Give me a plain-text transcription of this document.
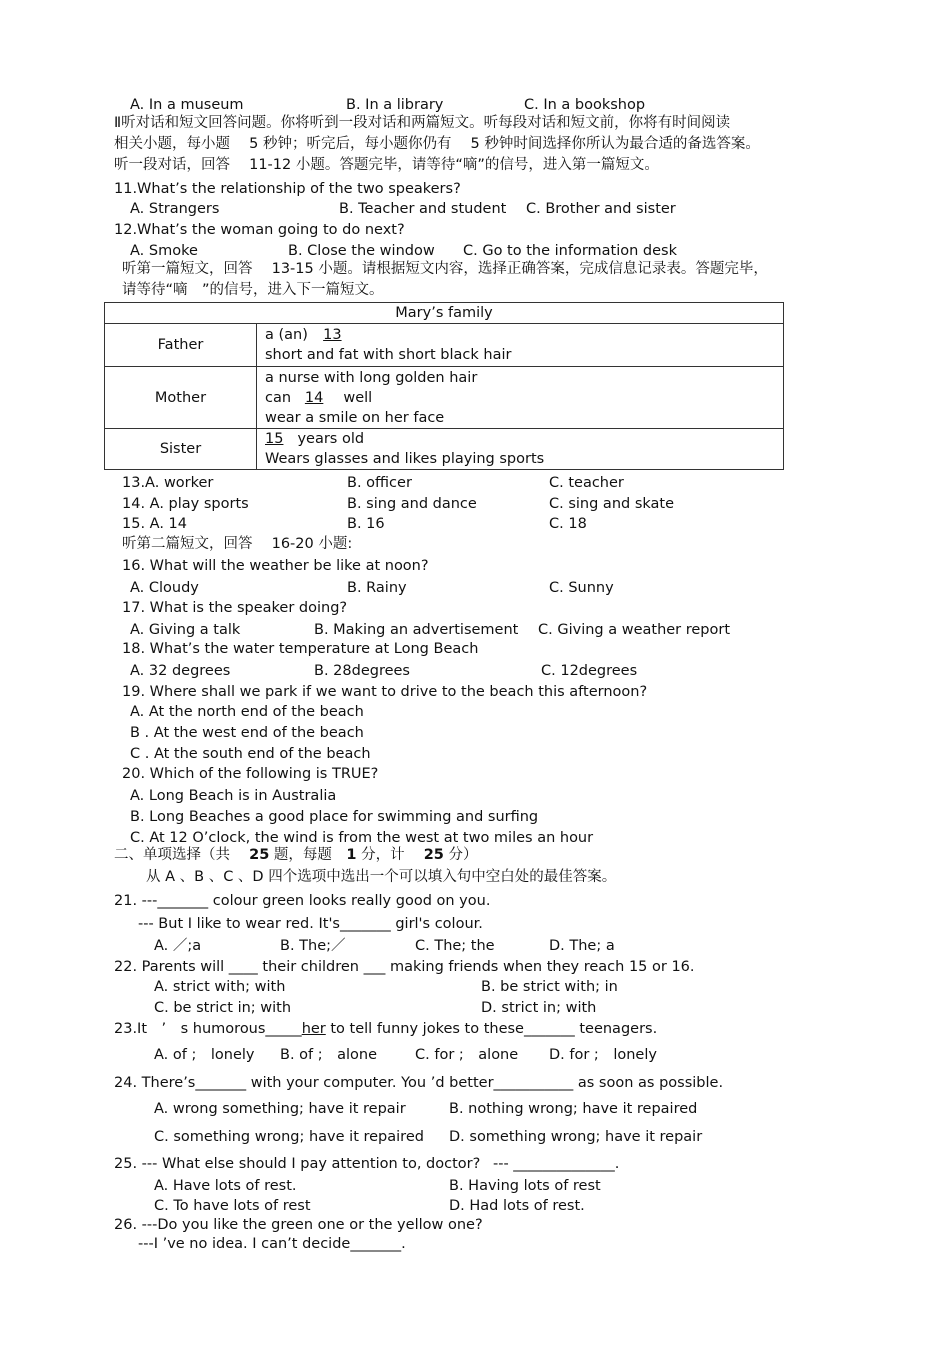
A. In a museum	B. In a library	C. In a bookshop
Ⅱ听对话和短文回答问题。你将听到一段对话和两篇短文。听每段对话和短文前，你将有时间阅读
相关小题，每小题　 5 秒钟；听完后，每小题你仍有　 5 秒钟时间选择你所认为最合适的备选答案。
听一段对话，回答　 11-12 小题。答题完毕，请等待“嘀”的信号，进入第一篇短文。
11.What’s the relationship of the two speakers?
A. Strangers	B. Teacher and student C. Brother and sister
12.What’s the woman going to do next?
A. Smoke	B. Close the window C. Go to the information desk
听第一篇短文，回答　 13-15 小题。请根据短文内容，选择正确答案，完成信息记录表。答题完毕，
请等待“嘀　”的信号，进入下一篇短文。
Mary’s family	
Father	a (an) 13
short and fat with short black hair

Mother	a nurse with long golden hair
can 14 well
wear a smile on her face

Sister	15 years old
Wears glasses and likes playing sports
13.A. worker	B. officer	C. teacher
14. A. play sports	B. sing and dance	C. sing and skate
15. A. 14	B. 16	C. 18
听第二篇短文，回答　 16-20 小题:
16. What will the weather be like at noon?
A. Cloudy	B. Rainy	C. Sunny
17. What is the speaker doing?
A. Giving a talk	B. Making an advertisement C. Giving a weather report
18. What’s the water temperature at Long Beach
A. 32 degrees	B. 28degrees	C. 12degrees
19. Where shall we park if we want to drive to the beach this afternoon?
A. At the north end of the beach
B . At the west end of the beach
C . At the south end of the beach
20. Which of the following is TRUE?
A. Long Beach is in Australia
B. Long Beaches a good place for swimming and surfing
C. At 12 O’clock, the wind is from the west at two miles an hour
二、单项选择（共　 25 题，每题　1 分，计　 25 分）
从 A 、B 、C 、D 四个选项中选出一个可以填入句中空白处的最佳答案。
21. ---_______ colour green looks really good on you.
--- But I like to wear red. It's_______ girl's colour.
A. ／;a	B. The;／	C. The; the	D. The; a
22. Parents will ____ their children ___ making friends when they reach 15 or 16.
A. strict with; with	B. be strict with; in
C. be strict in; with	D. strict in; with
23.It　’　s humorous_____her to tell funny jokes to these_______ teenagers.
A. of ;　lonely B. of ;　alone	C. for ;　alone D. for ;　lonely
24. There’s_______ with your computer. You ’d better___________ as soon as possible.
A. wrong something; have it repair	B. nothing wrong; have it repaired
C. something wrong; have it repaired D. something wrong; have it repair
25. --- What else should I pay attention to, doctor? --- ______________.
A. Have lots of rest.	B. Having lots of rest
C. To have lots of rest	D. Had lots of rest.
26. ---Do you like the green one or the yellow one?
---I ’ve no idea. I can’t decide_______.
